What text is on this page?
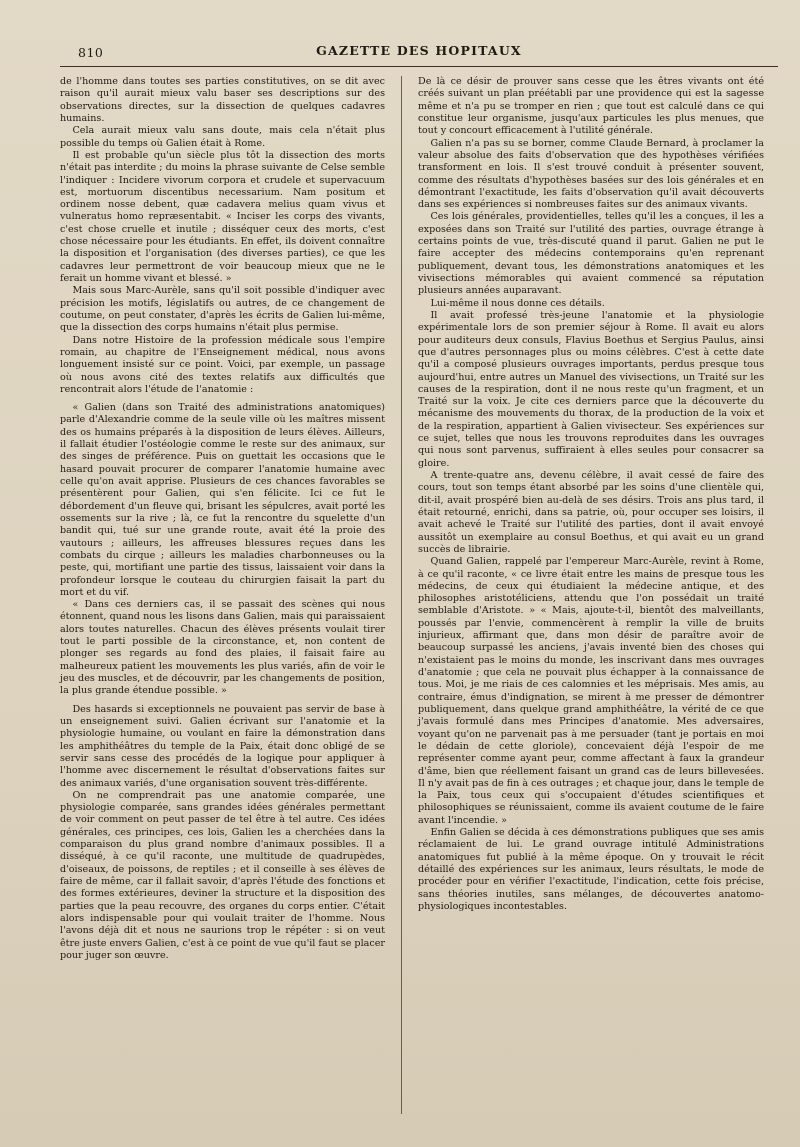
810	GAZETTE DES HOPITAUX

de l'homme dans toutes ses parties constitutives, on se dit avec raison qu'il aurait mieux valu baser ses descriptions sur des observations directes, sur la dissection de quelques cadavres humains.

Cela aurait mieux valu sans doute, mais cela n'était plus possible du temps où Galien était à Rome.

Il est probable qu'un siècle plus tôt la dissection des morts n'était pas interdite ; du moins la phrase suivante de Celse semble l'indiquer : Incidere vivorum corpora et crudele et supervacuum est, mortuorum discentibus necessarium. Nam positum et ordinem nosse debent, quæ cadavera melius quam vivus et vulneratus homo repræsentabit. « Inciser les corps des vivants, c'est chose cruelle et inutile ; disséquer ceux des morts, c'est chose nécessaire pour les étudiants. En effet, ils doivent connaître la disposition et l'organisation (des diverses parties), ce que les cadavres leur permettront de voir beaucoup mieux que ne le ferait un homme vivant et blessé. »

Mais sous Marc-Aurèle, sans qu'il soit possible d'indiquer avec précision les motifs, législatifs ou autres, de ce changement de coutume, on peut constater, d'après les écrits de Galien lui-même, que la dissection des corps humains n'était plus permise.

Dans notre Histoire de la profession médicale sous l'empire romain, au chapitre de l'Enseignement médical, nous avons longuement insisté sur ce point. Voici, par exemple, un passage où nous avons cité des textes relatifs aux difficultés que rencontrait alors l'étude de l'anatomie :

« Galien (dans son Traité des administrations anatomiques) parle d'Alexandrie comme de la seule ville où les maîtres missent des os humains préparés à la disposition de leurs élèves. Ailleurs, il fallait étudier l'ostéologie comme le reste sur des animaux, sur des singes de préférence. Puis on guettait les occasions que le hasard pouvait procurer de comparer l'anatomie humaine avec celle qu'on avait apprise. Plusieurs de ces chances favorables se présentèrent pour Galien, qui s'en félicite. Ici ce fut le débordement d'un fleuve qui, brisant les sépulcres, avait porté les ossements sur la rive ; là, ce fut la rencontre du squelette d'un bandit qui, tué sur une grande route, avait été la proie des vautours ; ailleurs, les affreuses blessures reçues dans les combats du cirque ; ailleurs les maladies charbonneuses ou la peste, qui, mortifiant une partie des tissus, laissaient voir dans la profondeur lorsque le couteau du chirurgien faisait la part du mort et du vif.

« Dans ces derniers cas, il se passait des scènes qui nous étonnent, quand nous les lisons dans Galien, mais qui paraissaient alors toutes naturelles. Chacun des élèves présents voulait tirer tout le parti possible de la circonstance, et, non content de plonger ses regards au fond des plaies, il faisait faire au malheureux patient les mouvements les plus variés, afin de voir le jeu des muscles, et de découvrir, par les changements de position, la plus grande étendue possible. »

Des hasards si exceptionnels ne pouvaient pas servir de base à un enseignement suivi. Galien écrivant sur l'anatomie et la physiologie humaine, ou voulant en faire la démonstration dans les amphithéâtres du temple de la Paix, était donc obligé de se servir sans cesse des procédés de la logique pour appliquer à l'homme avec discernement le résultat d'observations faites sur des animaux variés, d'une organisation souvent très-différente.

On ne comprendrait pas une anatomie comparée, une physiologie comparée, sans grandes idées générales permettant de voir comment on peut passer de tel être à tel autre. Ces idées générales, ces principes, ces lois, Galien les a cherchées dans la comparaison du plus grand nombre d'animaux possibles. Il a disséqué, à ce qu'il raconte, une multitude de quadrupèdes, d'oiseaux, de poissons, de reptiles ; et il conseille à ses élèves de faire de même, car il fallait savoir, d'après l'étude des fonctions et des formes extérieures, deviner la structure et la disposition des parties que la peau recouvre, des organes du corps entier. C'était alors indispensable pour qui voulait traiter de l'homme. Nous l'avons déjà dit et nous ne saurions trop le répéter : si on veut être juste envers Galien, c'est à ce point de vue qu'il faut se placer pour juger son œuvre.

De là ce désir de prouver sans cesse que les êtres vivants ont été créés suivant un plan préétabli par une providence qui est la sagesse même et n'a pu se tromper en rien ; que tout est calculé dans ce qui constitue leur organisme, jusqu'aux particules les plus menues, que tout y concourt efficacement à l'utilité générale.

Galien n'a pas su se borner, comme Claude Bernard, à proclamer la valeur absolue des faits d'observation que des hypothèses vérifiées transforment en lois. Il s'est trouvé conduit à présenter souvent, comme des résultats d'hypothèses basées sur des lois générales et en démontrant l'exactitude, les faits d'observation qu'il avait découverts dans ses expériences si nombreuses faites sur des animaux vivants.

Ces lois générales, providentielles, telles qu'il les a conçues, il les a exposées dans son Traité sur l'utilité des parties, ouvrage étrange à certains points de vue, très-discuté quand il parut. Galien ne put le faire accepter des médecins contemporains qu'en reprenant publiquement, devant tous, les démonstrations anatomiques et les vivisections mémorables qui avaient commencé sa réputation plusieurs années auparavant.

Lui-même il nous donne ces détails.

Il avait professé très-jeune l'anatomie et la physiologie expérimentale lors de son premier séjour à Rome. Il avait eu alors pour auditeurs deux consuls, Flavius Boethus et Sergius Paulus, ainsi que d'autres personnages plus ou moins célèbres. C'est à cette date qu'il a composé plusieurs ouvrages importants, perdus presque tous aujourd'hui, entre autres un Manuel des vivisections, un Traité sur les causes de la respiration, dont il ne nous reste qu'un fragment, et un Traité sur la voix. Je cite ces derniers parce que la découverte du mécanisme des mouvements du thorax, de la production de la voix et de la respiration, appartient à Galien vivisecteur. Ses expériences sur ce sujet, telles que nous les trouvons reproduites dans les ouvrages qui nous sont parvenus, suffiraient à elles seules pour consacrer sa gloire.

A trente-quatre ans, devenu célèbre, il avait cessé de faire des cours, tout son temps étant absorbé par les soins d'une clientèle qui, dit-il, avait prospéré bien au-delà de ses désirs. Trois ans plus tard, il était retourné, enrichi, dans sa patrie, où, pour occuper ses loisirs, il avait achevé le Traité sur l'utilité des parties, dont il avait envoyé aussitôt un exemplaire au consul Boethus, et qui avait eu un grand succès de librairie.

Quand Galien, rappelé par l'empereur Marc-Aurèle, revint à Rome, à ce qu'il raconte, « ce livre était entre les mains de presque tous les médecins, de ceux qui étudiaient la médecine antique, et des philosophes aristotéliciens, attendu que l'on possédait un traité semblable d'Aristote. » « Mais, ajoute-t-il, bientôt des malveillants, poussés par l'envie, commencèrent à remplir la ville de bruits injurieux, affirmant que, dans mon désir de paraître avoir de beaucoup surpassé les anciens, j'avais inventé bien des choses qui n'existaient pas le moins du monde, les inscrivant dans mes ouvrages d'anatomie ; que cela ne pouvait plus échapper à la connaissance de tous. Moi, je me riais de ces calomnies et les méprisais. Mes amis, au contraire, émus d'indignation, se mirent à me presser de démontrer publiquement, dans quelque grand amphithéâtre, la vérité de ce que j'avais formulé dans mes Principes d'anatomie. Mes adversaires, voyant qu'on ne parvenait pas à me persuader (tant je portais en moi le dédain de cette gloriole), concevaient déjà l'espoir de me représenter comme ayant peur, comme affectant à faux la grandeur d'âme, bien que réellement faisant un grand cas de leurs billevesées. Il n'y avait pas de fin à ces outrages ; et chaque jour, dans le temple de la Paix, tous ceux qui s'occupaient d'études scientifiques et philosophiques se réunissaient, comme ils avaient coutume de le faire avant l'incendie. »

Enfin Galien se décida à ces démonstrations publiques que ses amis réclamaient de lui. Le grand ouvrage intitulé Administrations anatomiques fut publié à la même époque. On y trouvait le récit détaillé des expériences sur les animaux, leurs résultats, le mode de procéder pour en vérifier l'exactitude, l'indication, cette fois précise, sans théories inutiles, sans mélanges, de découvertes anatomo-physiologiques incontestables.
